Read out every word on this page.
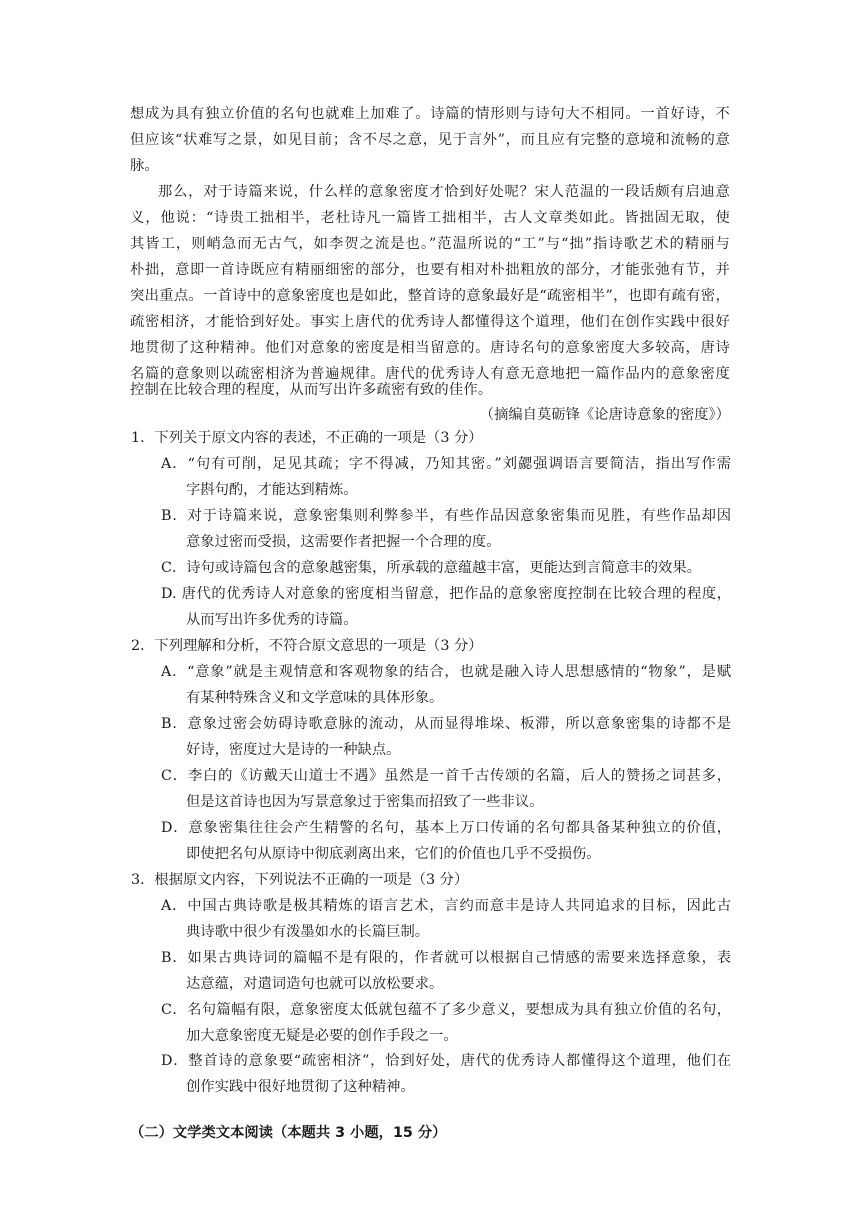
想成为具有独立价值的名句也就难上加难了。诗篇的情形则与诗句大不相同。一首好诗，不
但应该“状难写之景，如见目前；含不尽之意，见于言外”，而且应有完整的意境和流畅的意
脉。
那么，对于诗篇来说，什么样的意象密度才恰到好处呢？宋人范温的一段话颇有启迪意
义，他说：“诗贵工拙相半，老杜诗凡一篇皆工拙相半，古人文章类如此。皆拙固无取，使
其皆工，则峭急而无古气，如李贺之流是也。”范温所说的“工”与“拙”指诗歌艺术的精丽与
朴拙，意即一首诗既应有精丽细密的部分，也要有相对朴拙粗放的部分，才能张弛有节，并
突出重点。一首诗中的意象密度也是如此，整首诗的意象最好是“疏密相半”，也即有疏有密，
疏密相济，才能恰到好处。事实上唐代的优秀诗人都懂得这个道理，他们在创作实践中很好
地贯彻了这种精神。他们对意象的密度是相当留意的。唐诗名句的意象密度大多较高，唐诗
名篇的意象则以疏密相济为普遍规律。唐代的优秀诗人有意无意地把一篇作品内的意象密度
控制在比较合理的程度，从而写出许多疏密有致的佳作。
（摘编自莫砺锋《论唐诗意象的密度》）
1．下列关于原文内容的表述，不正确的一项是（3 分）
A．“句有可削，足见其疏；字不得减，乃知其密。”刘勰强调语言要简洁，指出写作需
字斟句酌，才能达到精炼。
B．对于诗篇来说，意象密集则利弊参半，有些作品因意象密集而见胜，有些作品却因
意象过密而受损，这需要作者把握一个合理的度。
C．诗句或诗篇包含的意象越密集，所承载的意蕴越丰富，更能达到言简意丰的效果。
D. 唐代的优秀诗人对意象的密度相当留意，把作品的意象密度控制在比较合理的程度，
从而写出许多优秀的诗篇。
2．下列理解和分析，不符合原文意思的一项是（3 分）
A．“意象”就是主观情意和客观物象的结合，也就是融入诗人思想感情的“物象”，是赋
有某种特殊含义和文学意味的具体形象。
B．意象过密会妨碍诗歌意脉的流动，从而显得堆垛、板滞，所以意象密集的诗都不是
好诗，密度过大是诗的一种缺点。
C．李白的《访戴天山道士不遇》虽然是一首千古传颂的名篇，后人的赞扬之词甚多，
但是这首诗也因为写景意象过于密集而招致了一些非议。
D．意象密集往往会产生精警的名句，基本上万口传诵的名句都具备某种独立的价值，
即使把名句从原诗中彻底剥离出来，它们的价值也几乎不受损伤。
3．根据原文内容，下列说法不正确的一项是（3 分）
A．中国古典诗歌是极其精炼的语言艺术，言约而意丰是诗人共同追求的目标，因此古
典诗歌中很少有泼墨如水的长篇巨制。
B．如果古典诗词的篇幅不是有限的，作者就可以根据自己情感的需要来选择意象，表
达意蕴，对遣词造句也就可以放松要求。
C．名句篇幅有限，意象密度太低就包蕴不了多少意义，要想成为具有独立价值的名句，
加大意象密度无疑是必要的创作手段之一。
D．整首诗的意象要“疏密相济”，恰到好处，唐代的优秀诗人都懂得这个道理，他们在
创作实践中很好地贯彻了这种精神。
（二）文学类文本阅读（本题共 3 小题，15 分）
